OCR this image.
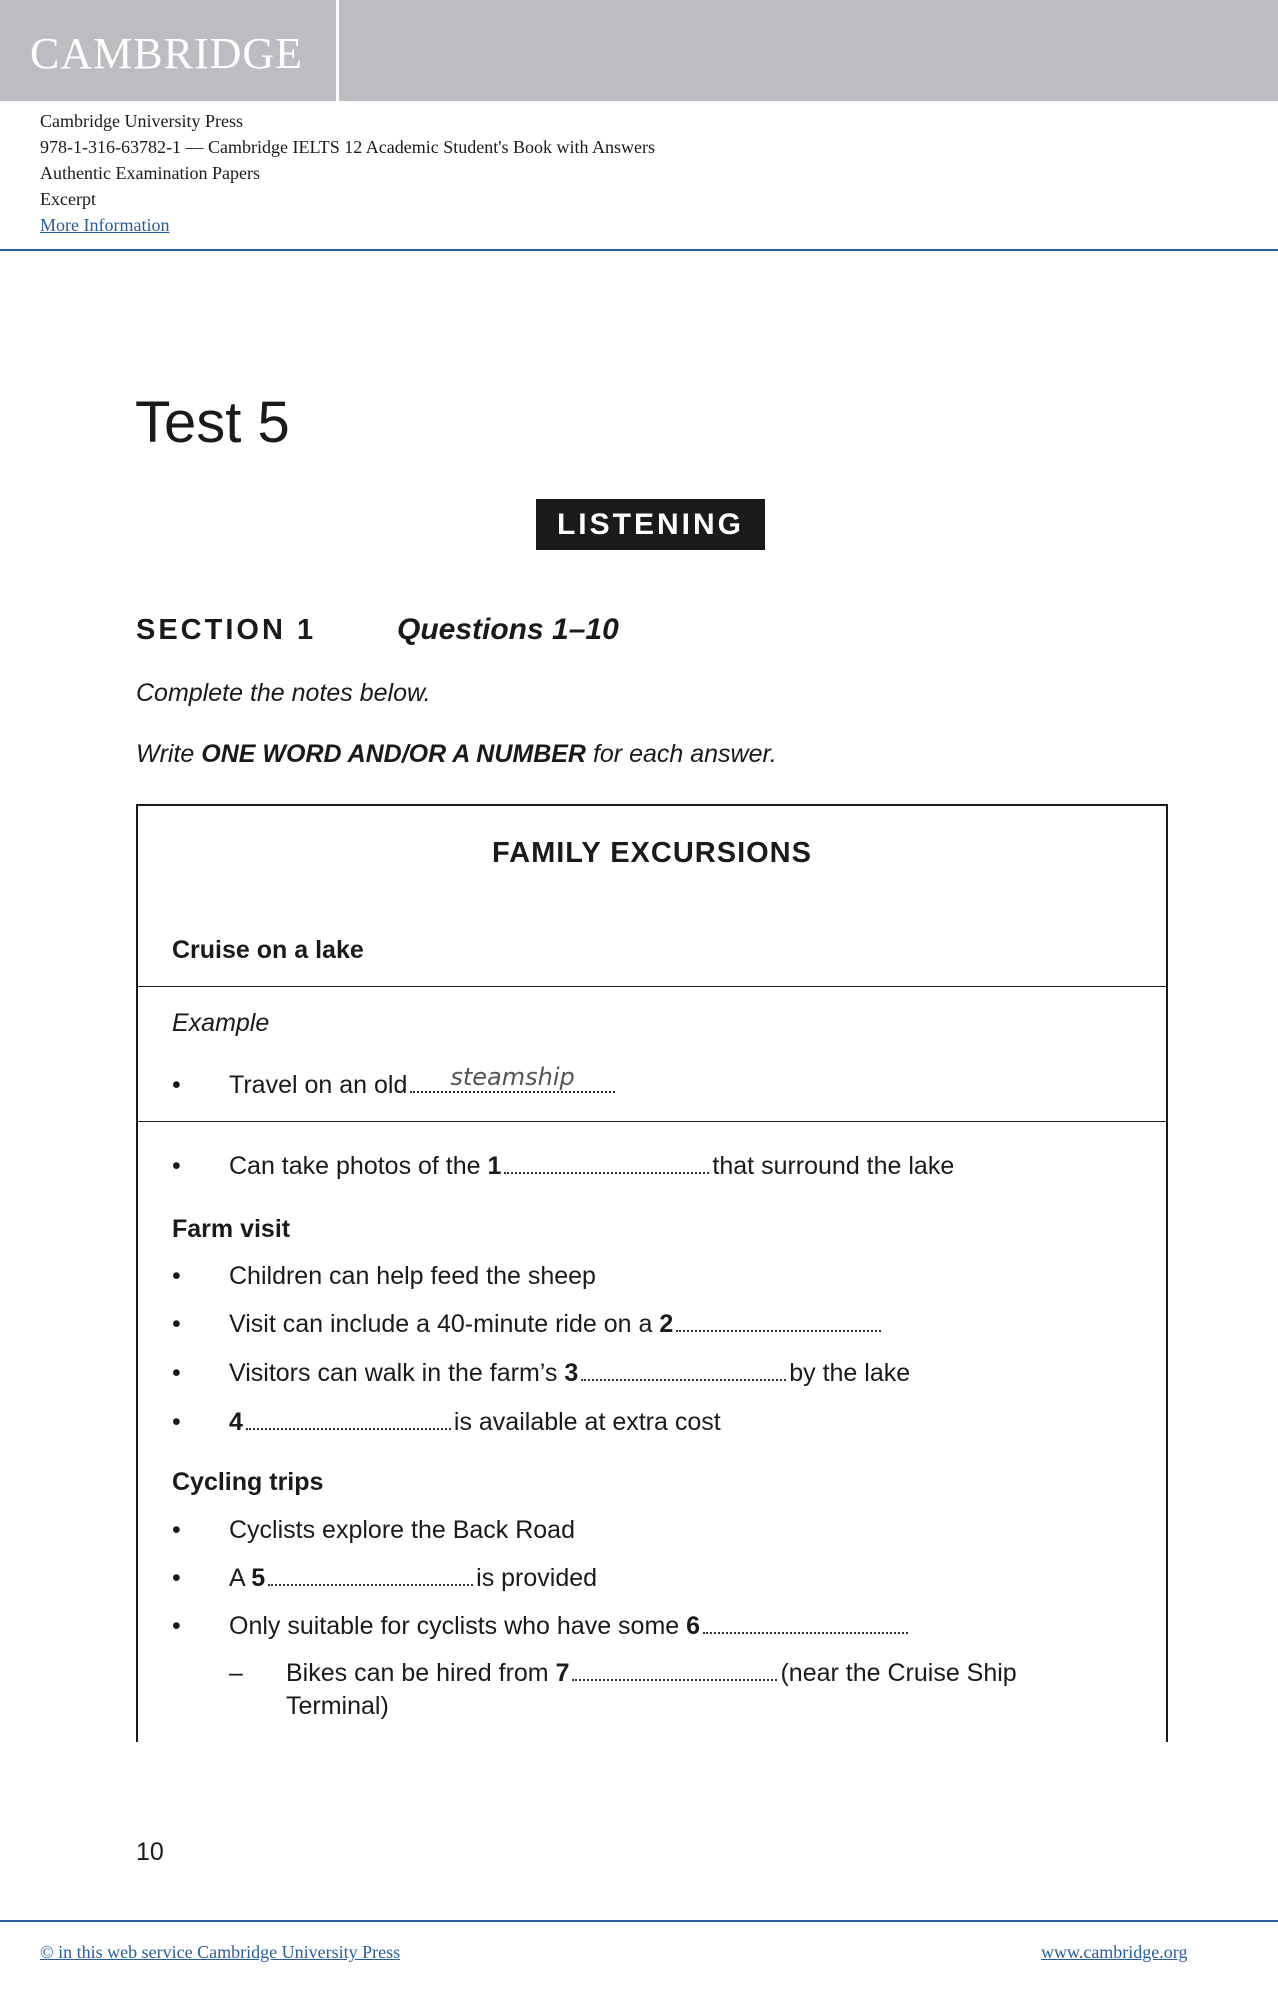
CAMBRIDGE
Cambridge University Press
978-1-316-63782-1 — Cambridge IELTS 12 Academic Student's Book with Answers
Authentic Examination Papers
Excerpt
More Information
Test 5
LISTENING
SECTION 1	Questions 1–10
Complete the notes below.
Write ONE WORD AND/OR A NUMBER for each answer.
FAMILY EXCURSIONS
Cruise on a lake
Example
• Travel on an old steamship
• Can take photos of the 1	that surround the lake
Farm visit
• Children can help feed the sheep
• Visit can include a 40-minute ride on a 2
• Visitors can walk in the farm’s 3	by the lake
• 4	is available at extra cost
Cycling trips
• Cyclists explore the Back Road
• A 5	is provided
• Only suitable for cyclists who have some 6
– Bikes can be hired from 7	(near the Cruise Ship
Terminal)
10
© in this web service Cambridge University Press	www.cambridge.org
